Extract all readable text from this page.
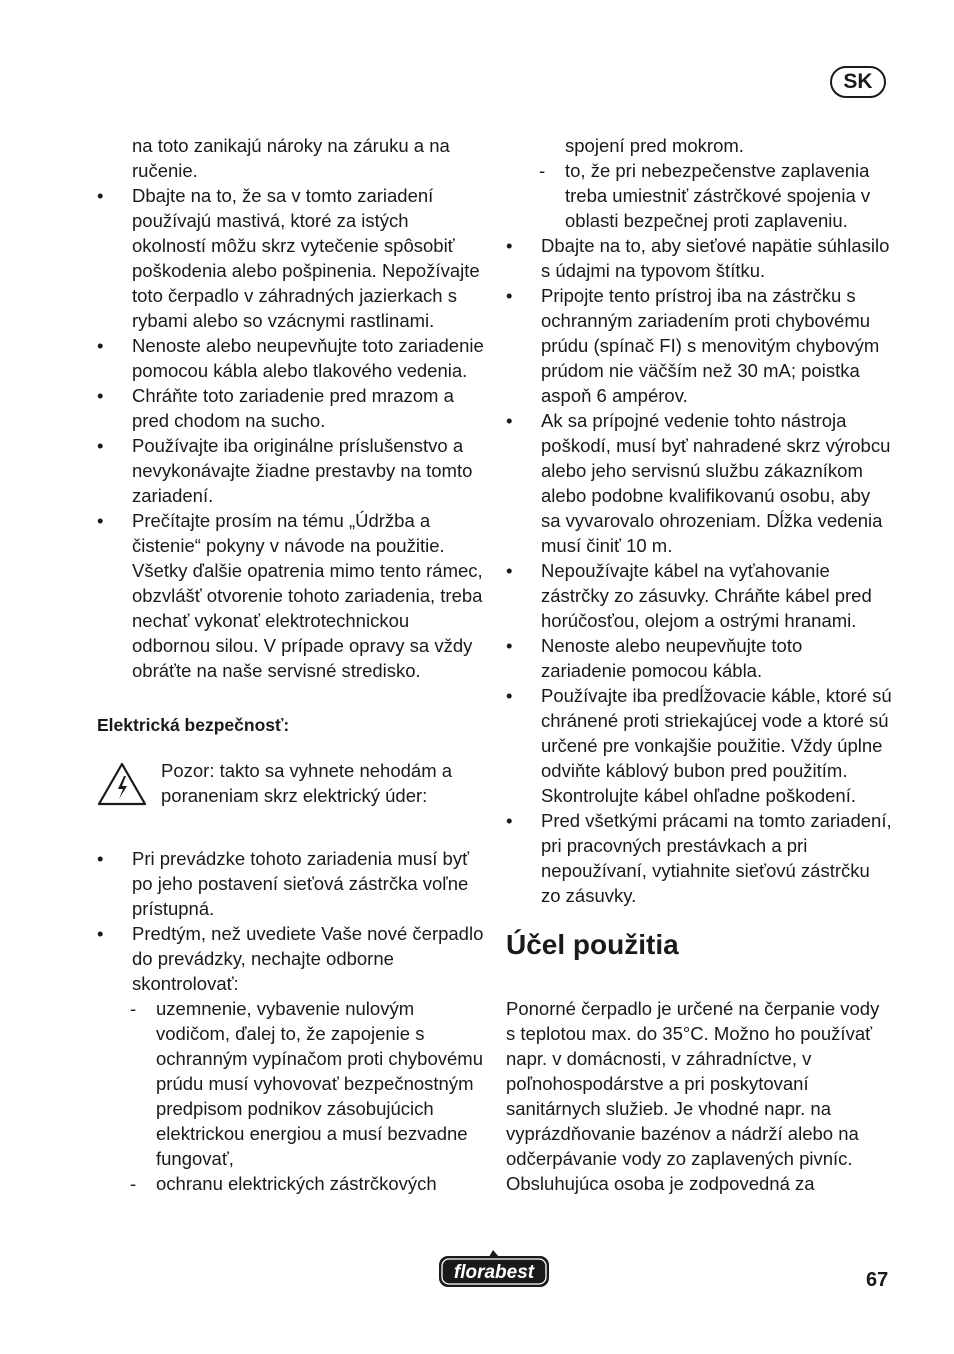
SK
na toto zanikajú nároky na záruku a na ručenie.
• Dbajte na to, že sa v tomto zariadení používajú mastivá, ktoré za istých okolností môžu skrz vytečenie spôsobiť poškodenia alebo pošpinenia. Nepožívajte toto čerpadlo v záhradných jazierkach s rybami alebo so vzácnymi rastlinami.
• Nenoste alebo neupevňujte toto zariadenie pomocou kábla alebo tlakového vedenia.
• Chráňte toto zariadenie pred mrazom a pred chodom na sucho.
• Používajte iba originálne príslušenstvo a nevykonávajte žiadne prestavby na tomto zariadení.
• Prečítajte prosím na tému „Údržba a čistenie“ pokyny v návode na použitie. Všetky ďalšie opatrenia mimo tento rámec, obzvlášť otvorenie tohoto zariadenia, treba nechať vykonať elektrotechnickou odbornou silou. V prípade opravy sa vždy obráťte na naše servisné stredisko.
Elektrická bezpečnosť:
Pozor: takto sa vyhnete nehodám a poraneniam skrz elektrický úder:
• Pri prevádzke tohoto zariadenia musí byť po jeho postavení sieťová zástrčka voľne prístupná.
• Predtým, než uvediete Vaše nové čerpadlo do prevádzky, nechajte odborne skontrolovať:
- uzemnenie, vybavenie nulovým vodičom, ďalej to, že zapojenie s ochranným vypínačom proti chybovému prúdu musí vyhovovať bezpečnostným predpisom podnikov zásobujúcich elektrickou energiou a musí bezvadne fungovať,
- ochranu elektrických zástrčkových
spojení pred mokrom.
- to, že pri nebezpečenstve zaplavenia treba umiestniť zástrčkové spojenia v oblasti bezpečnej proti zaplaveniu.
• Dbajte na to, aby sieťové napätie súhlasilo s údajmi na typovom štítku.
• Pripojte tento prístroj iba na zástrčku s ochranným zariadením proti chybovému prúdu (spínač FI) s menovitým chybovým prúdom nie väčším než 30 mA; poistka aspoň 6 ampérov.
• Ak sa prípojné vedenie tohto nástroja poškodí, musí byť nahradené skrz výrobcu alebo jeho servisnú službu zákazníkom alebo podobne kvalifikovanú osobu, aby sa vyvarovalo ohrozeniam. Dĺžka vedenia musí činiť 10 m.
• Nepoužívajte kábel na vyťahovanie zástrčky zo zásuvky. Chráňte kábel pred horúčosťou, olejom a ostrými hranami.
• Nenoste alebo neupevňujte toto zariadenie pomocou kábla.
• Používajte iba predĺžovacie káble, ktoré sú chránené proti striekajúcej vode a ktoré sú určené pre vonkajšie použitie. Vždy úplne odviňte káblový bubon pred použitím. Skontrolujte kábel ohľadne poškodení.
• Pred všetkými prácami na tomto zariadení, pri pracovných prestávkach a pri nepoužívaní, vytiahnite sieťovú zástrčku zo zásuvky.
Účel použitia
Ponorné čerpadlo je určené na čerpanie vody s teplotou max. do 35°C. Možno ho používať napr. v domácnosti, v záhradníctve, v poľnohospodárstve a pri poskytovaní sanitárnych služieb. Je vhodné napr. na vyprázdňovanie bazénov a nádrží alebo na odčerpávanie vody zo zaplavených pivníc.
Obsluhujúca osoba je zodpovedná za
florabest	67
